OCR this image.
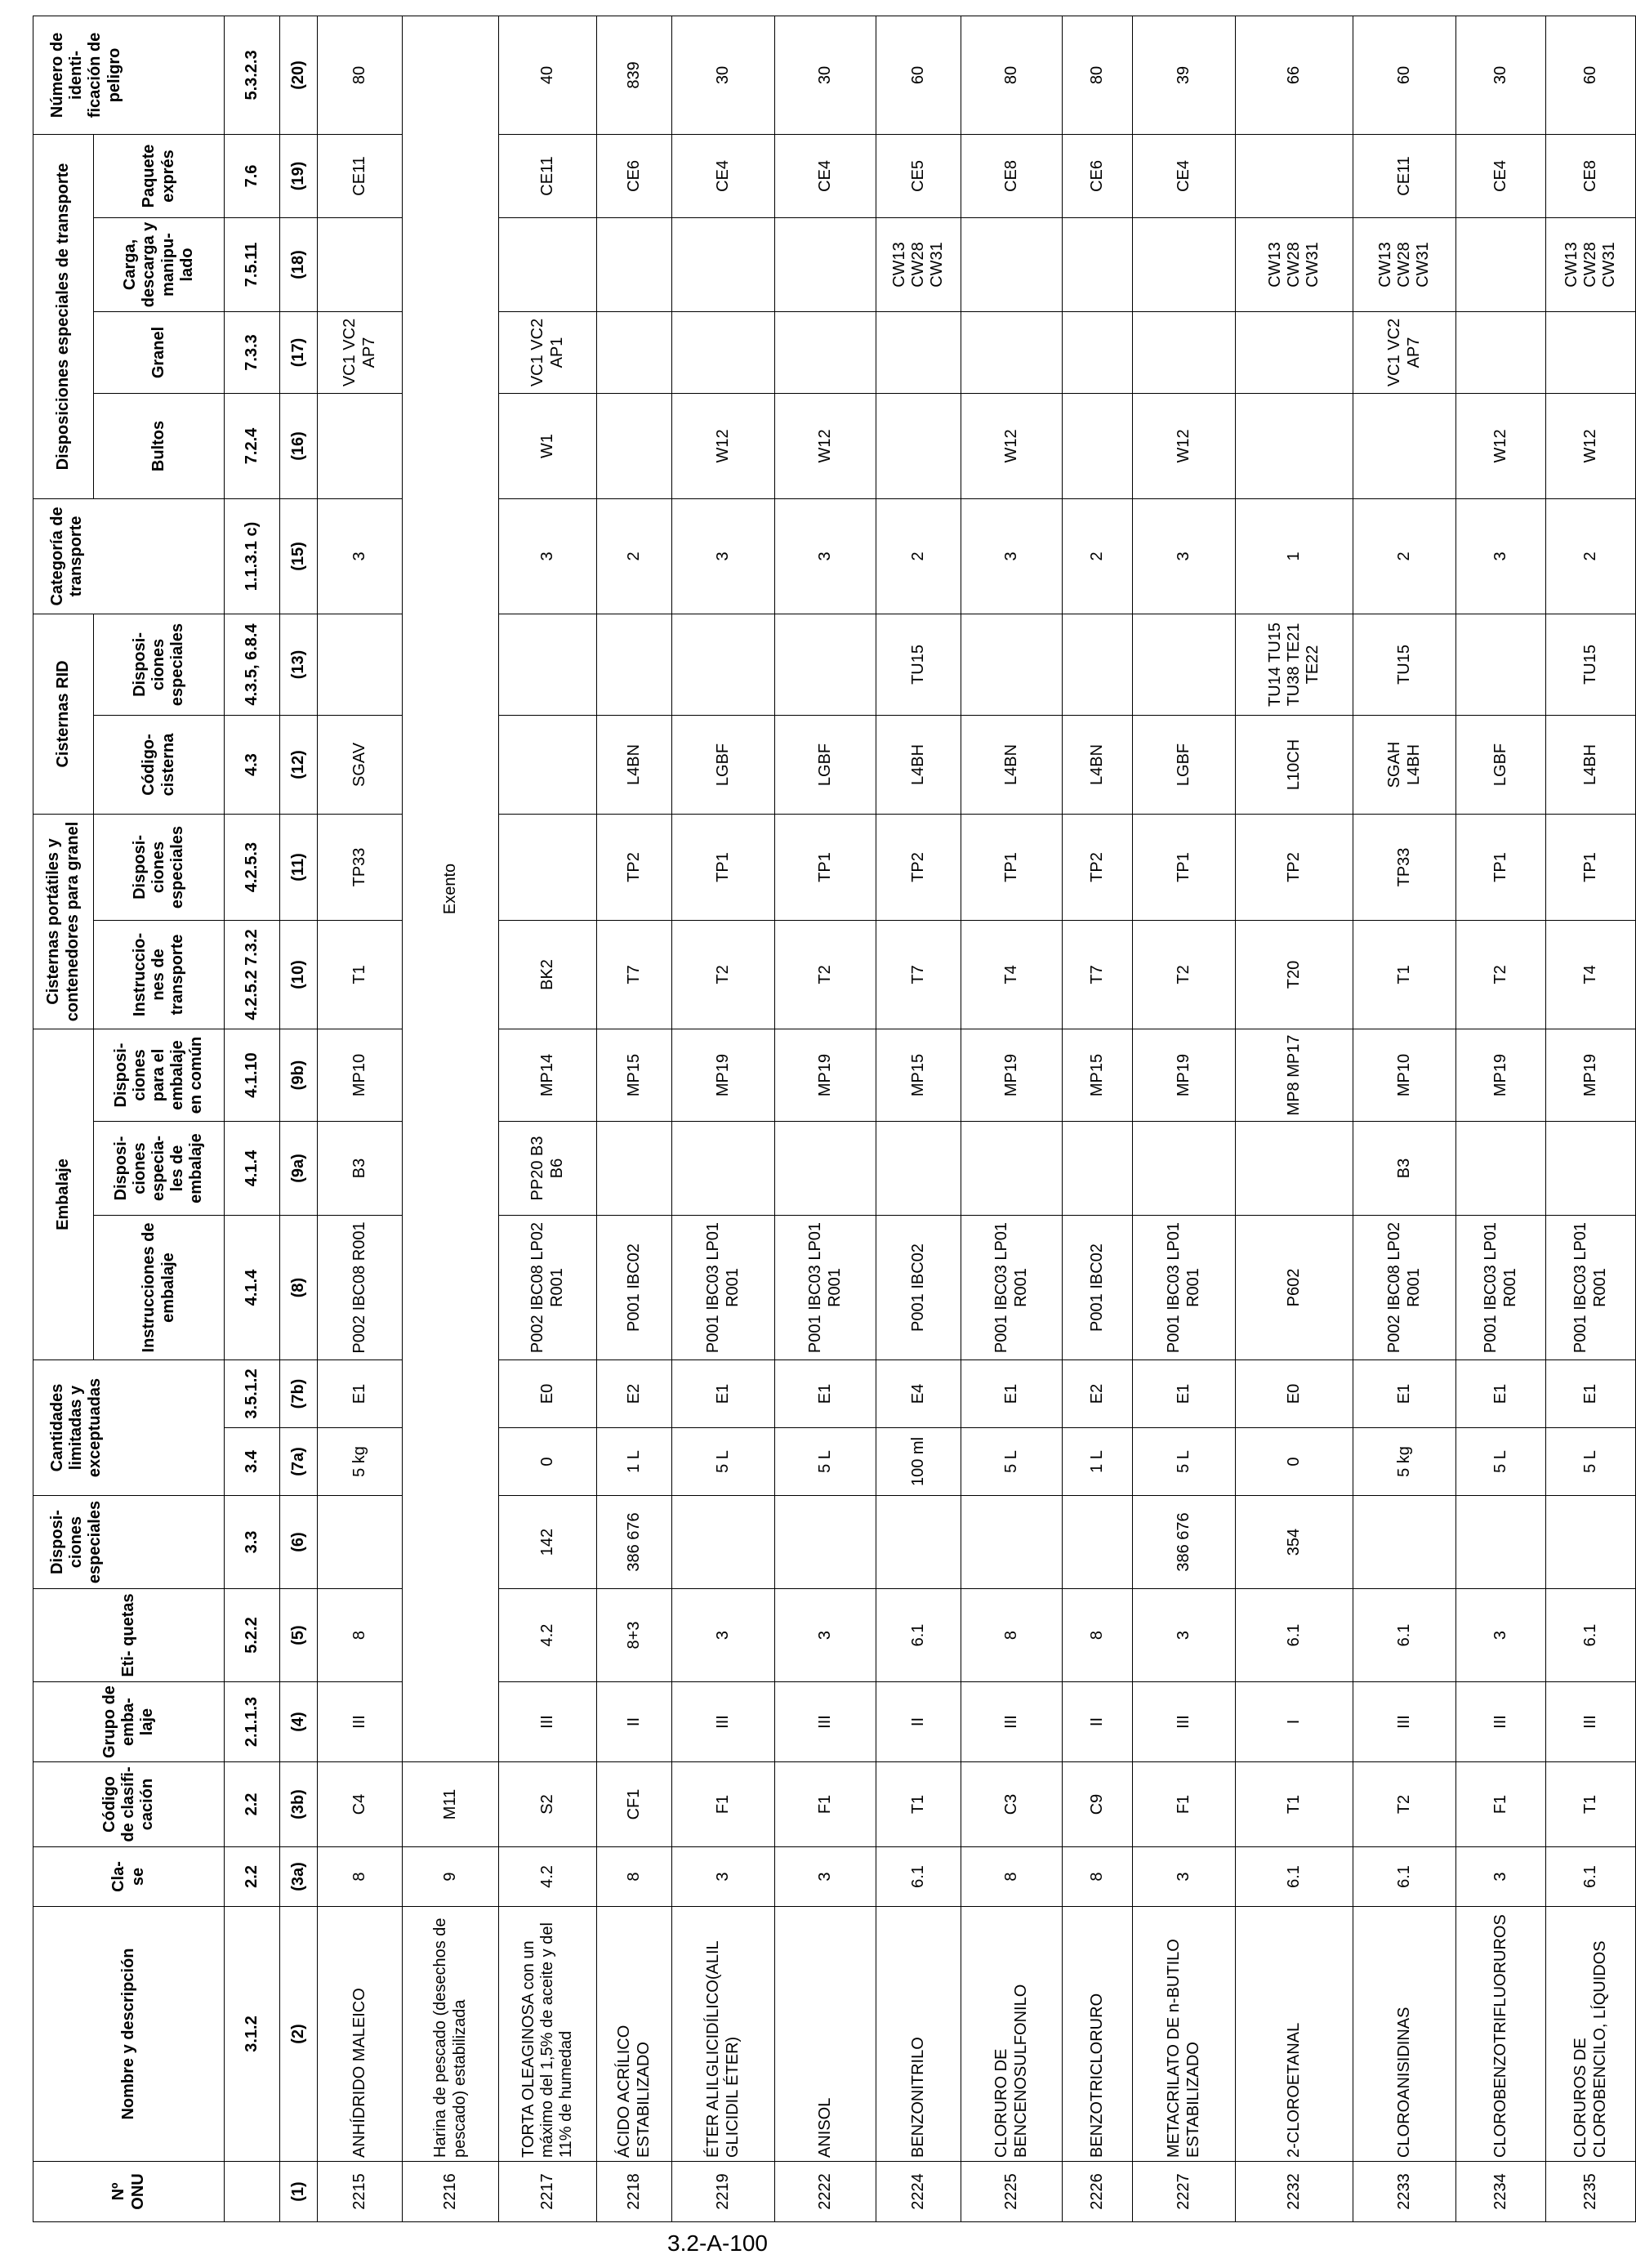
Nº ONU	Nombre y descripción	Cla- se	Código de clasifi- cación	Grupo de emba- laje	Eti- quetas	Disposi- ciones especiales	Cantidades limitadas y exceptuadas		Embalaje			Cisternas portátiles y contenedores para granel		Cisternas RID		Categoría de transporte	Disposiciones especiales de transporte				Número de identi- ficación de peligro
									Instrucciones de embalaje	Disposi- ciones especia- les de embalaje	Disposi- ciones para el embalaje en común	Instruccio- nes de transporte	Disposi- ciones especiales	Código- cisterna	Disposi- ciones especiales		Bultos	Granel	Carga, descarga y manipu- lado	Paquete exprés	
	3.1.2	2.2	2.2	2.1.1.3	5.2.2	3.3	3.4	3.5.1.2	4.1.4	4.1.4	4.1.10	4.2.5.2 7.3.2	4.2.5.3	4.3	4.3.5, 6.8.4	1.1.3.1 c)	7.2.4	7.3.3	7.5.11	7.6	5.3.2.3
(1)	(2)	(3a)	(3b)	(4)	(5)	(6)	(7a)	(7b)	(8)	(9a)	(9b)	(10)	(11)	(12)	(13)	(15)	(16)	(17)	(18)	(19)	(20)
2215	ANHÍDRIDO MALEICO	8	C4	III	8		5 kg	E1	P002 IBC08 R001	B3	MP10	T1	TP33	SGAV		3		VC1 VC2 AP7		CE11	80
2216	Harina de pescado (desechos de pescado) estabilizada	9	M11	Exento																	
2217	TORTA OLEAGINOSA con un máximo del 1,5% de aceite y del 11% de humedad	4.2	S2	III	4.2	142	0	E0	P002 IBC08 LP02 R001	PP20 B3 B6	MP14	BK2				3	W1	VC1 VC2 AP1		CE11	40
2218	ÁCIDO ACRÍLICO ESTABILIZADO	8	CF1	II	8+3	386 676	1 L	E2	P001 IBC02		MP15	T7	TP2	L4BN		2				CE6	839
2219	ÉTER ALILGLICIDÍLICO(ALIL GLICIDIL ÉTER)	3	F1	III	3		5 L	E1	P001 IBC03 LP01 R001		MP19	T2	TP1	LGBF		3	W12			CE4	30
2222	ANISOL	3	F1	III	3		5 L	E1	P001 IBC03 LP01 R001		MP19	T2	TP1	LGBF		3	W12			CE4	30
2224	BENZONITRILO	6.1	T1	II	6.1		100 ml	E4	P001 IBC02		MP15	T7	TP2	L4BH	TU15	2			CW13 CW28 CW31	CE5	60
2225	CLORURO DE BENCENOSULFONILO	8	C3	III	8		5 L	E1	P001 IBC03 LP01 R001		MP19	T4	TP1	L4BN		3	W12			CE8	80
2226	BENZOTRICLORURO	8	C9	II	8		1 L	E2	P001 IBC02		MP15	T7	TP2	L4BN		2				CE6	80
2227	METACRILATO DE n-BUTILO ESTABILIZADO	3	F1	III	3	386 676	5 L	E1	P001 IBC03 LP01 R001		MP19	T2	TP1	LGBF		3	W12			CE4	39
2232	2-CLOROETANAL	6.1	T1	I	6.1	354	0	E0	P602		MP8 MP17	T20	TP2	L10CH	TU14 TU15 TU38 TE21 TE22	1			CW13 CW28 CW31		66
2233	CLOROANISIDINAS	6.1	T2	III	6.1		5 kg	E1	P002 IBC08 LP02 R001	B3	MP10	T1	TP33	SGAH L4BH	TU15	2		VC1 VC2 AP7	CW13 CW28 CW31	CE11	60
2234	CLOROBENZOTRIFLUORUROS	3	F1	III	3		5 L	E1	P001 IBC03 LP01 R001		MP19	T2	TP1	LGBF		3	W12			CE4	30
2235	CLORUROS DE CLOROBENCILO, LÍQUIDOS	6.1	T1	III	6.1		5 L	E1	P001 IBC03 LP01 R001		MP19	T4	TP1	L4BH	TU15	2	W12		CW13 CW28 CW31	CE8	60
3.2-A-100
